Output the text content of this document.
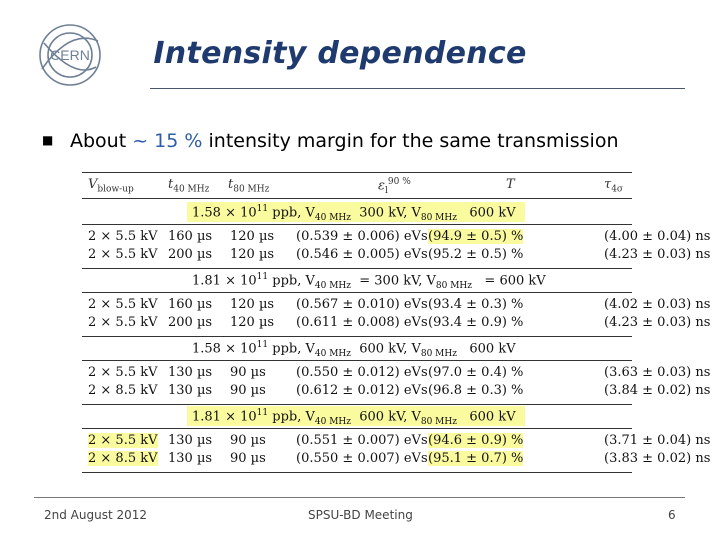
CERN	Intensity dependence
■ About ~ 15 % intensity margin for the same transmission
$V_{blow-up}$	$t_{40 MHz}$ $t_{80 MHz}$	$\varepsilon_l^{90 \%}$	T	$\tau_{4\sigma}$
$1.58 \times 10^{11}$ ppb, $V_{40 MHz}$ 300 kV, $V_{80 MHz}$ 600 kV
2 × 5.5 kV 160 µs 120 µs (0.539 ± 0.006) eVs (94.9 ± 0.5) %	(4.00 ± 0.04) ns
2 × 5.5 kV 200 µs 120 µs (0.546 ± 0.005) eVs (95.2 ± 0.5) %	(4.23 ± 0.03) ns
$1.81 \times 10^{11}$ ppb, $V_{40 MHz} = 300$ kV, $V_{80 MHz} = 600$ kV
2 × 5.5 kV 160 µs 120 µs (0.567 ± 0.010) eVs (93.4 ± 0.3) %	(4.02 ± 0.03) ns
2 × 5.5 kV 200 µs 120 µs (0.611 ± 0.008) eVs (93.4 ± 0.9) %	(4.23 ± 0.03) ns
$1.58 \times 10^{11}$ ppb, $V_{40 MHz}$ 600 kV, $V_{80 MHz}$ 600 kV
2 × 5.5 kV 130 µs 90 µs (0.550 ± 0.012) eVs (97.0 ± 0.4) %	(3.63 ± 0.03) ns
2 × 8.5 kV 130 µs 90 µs (0.612 ± 0.012) eVs (96.8 ± 0.3) %	(3.84 ± 0.02) ns
$1.81 \times 10^{11}$ ppb, $V_{40 MHz}$ 600 kV, $V_{80 MHz}$ 600 kV
2 × 5.5 kV 130 µs 90 µs (0.551 ± 0.007) eVs (94.6 ± 0.9) %	(3.71 ± 0.04) ns
2 × 8.5 kV 130 µs 90 µs (0.550 ± 0.007) eVs (95.1 ± 0.7) %	(3.83 ± 0.02) ns
2nd August 2012	SPSU-BD Meeting	6
